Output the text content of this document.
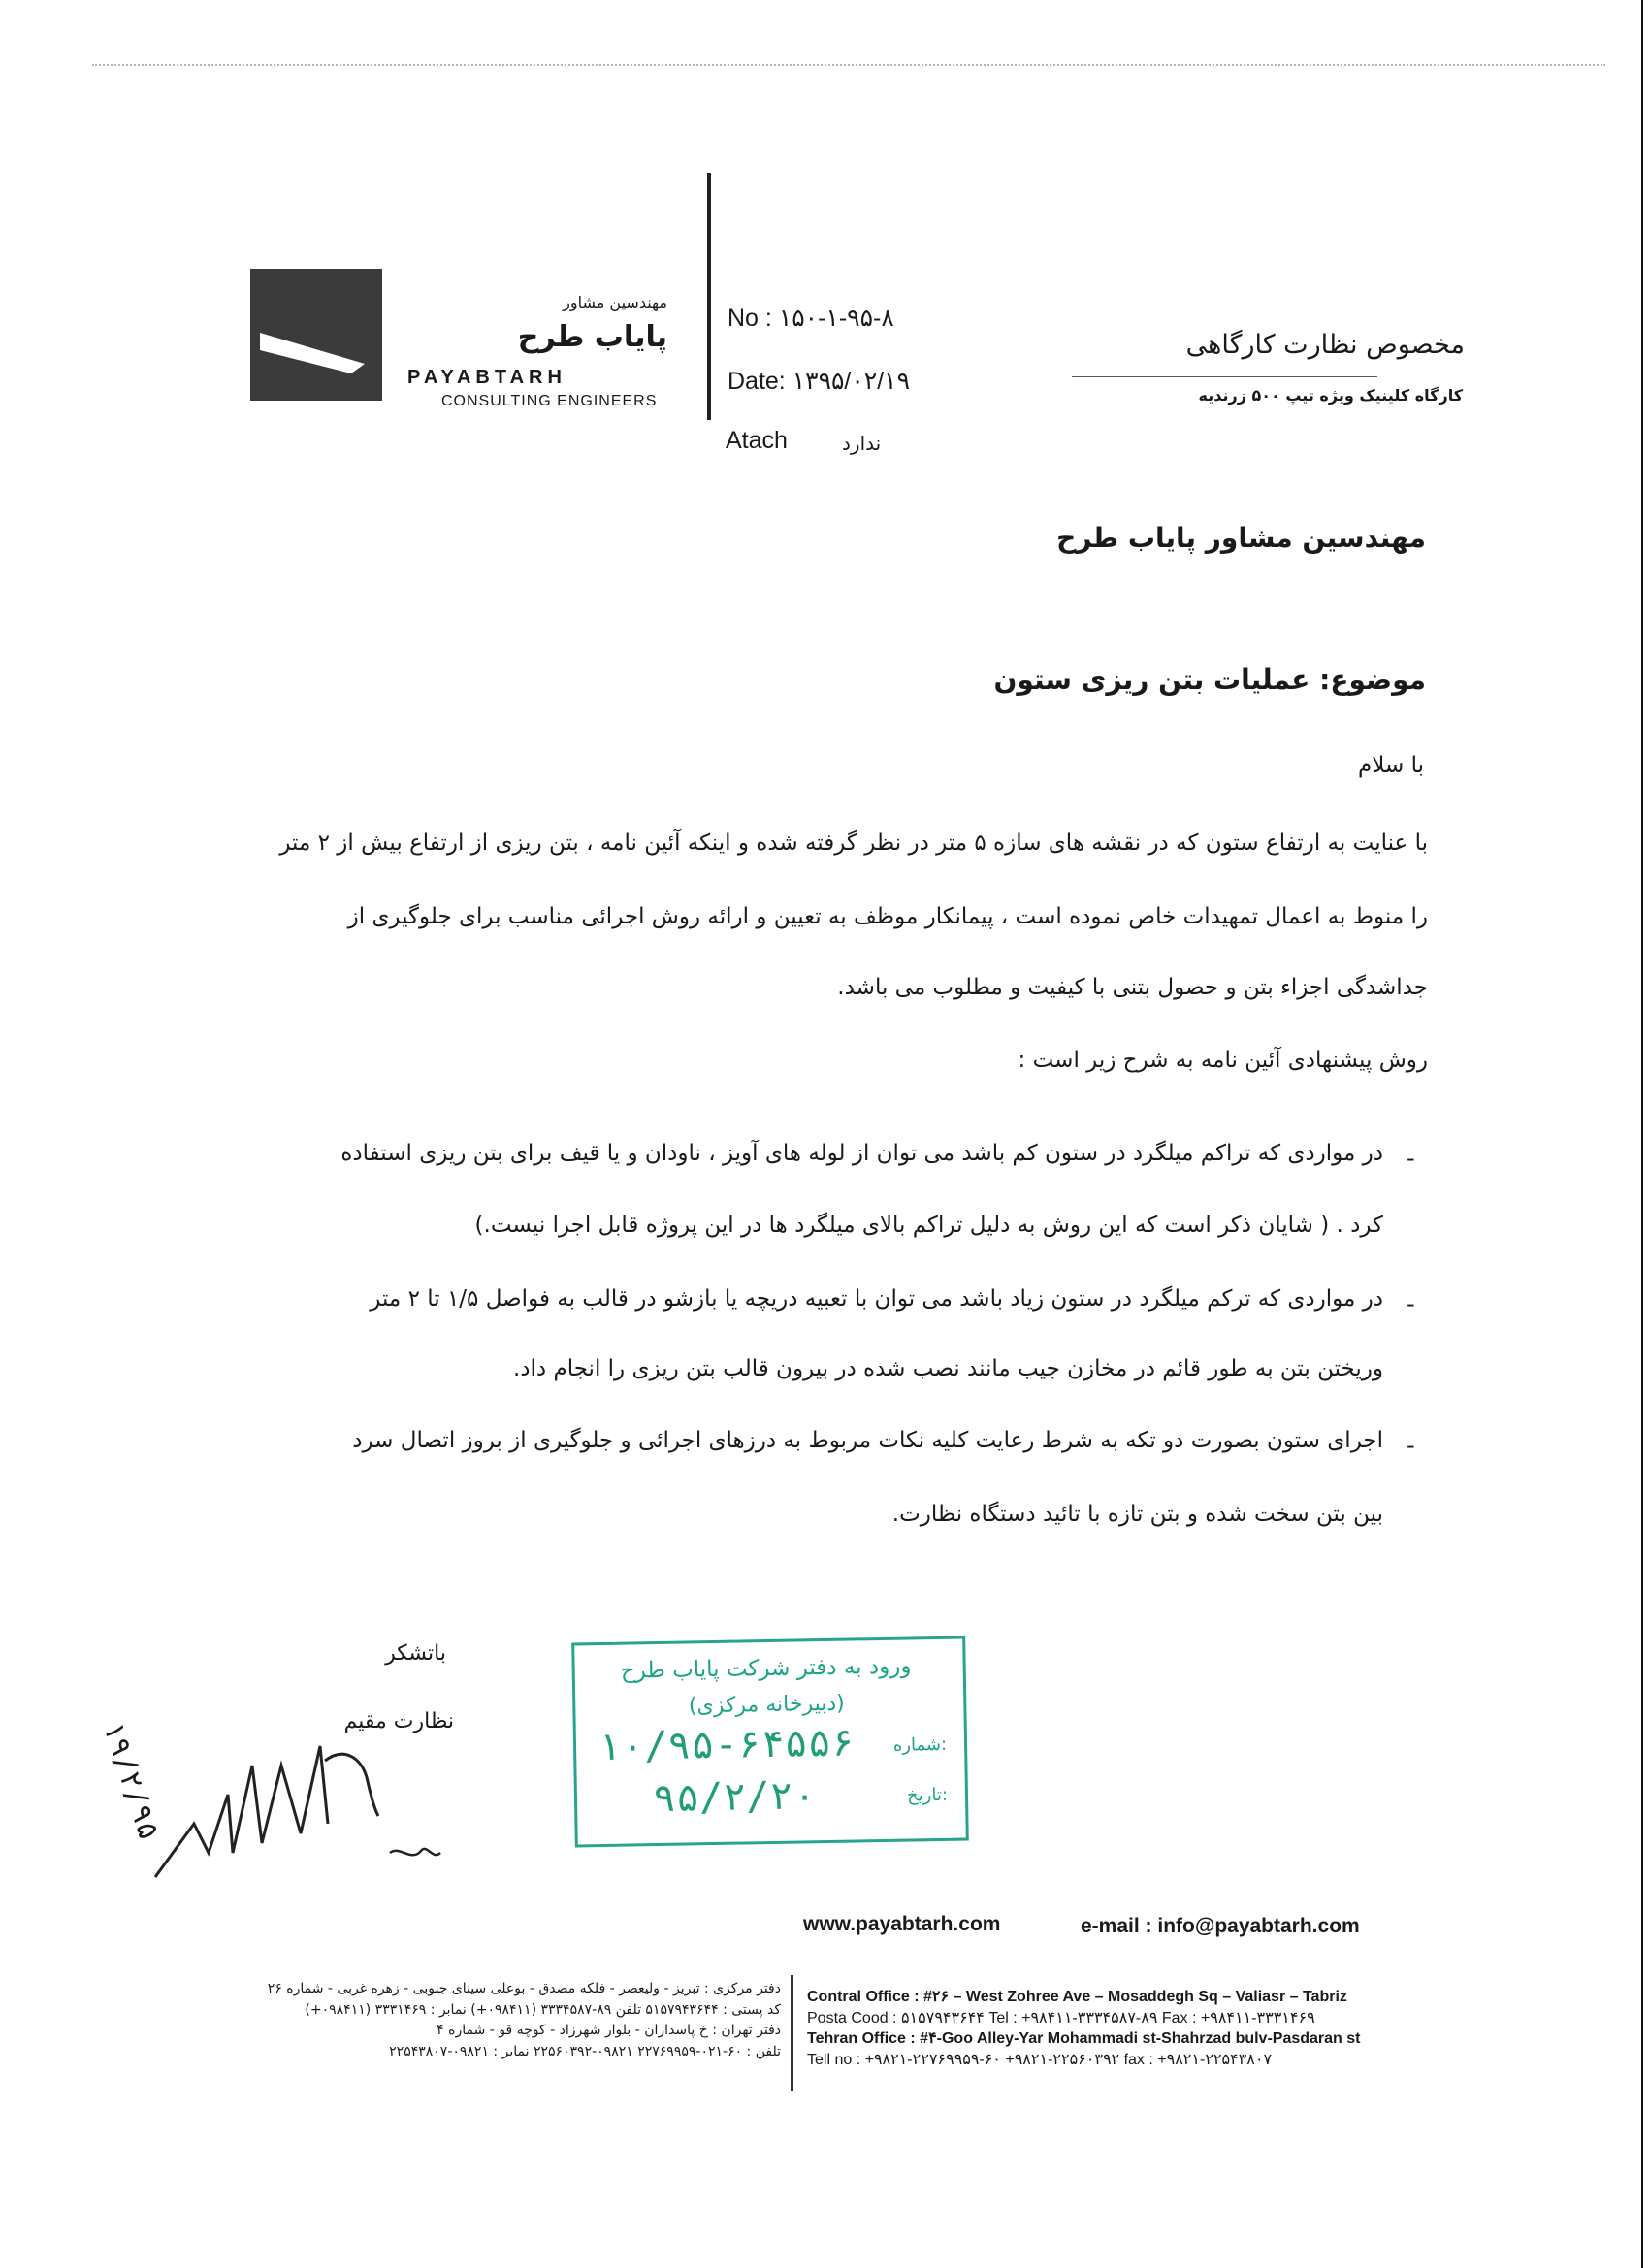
مهندسین مشاور
پایاب طرح
PAYABTARH
CONSULTING ENGINEERS
No : ۱۵۰-۱-۹۵-۸
Date: ۱۳۹۵/۰۲/۱۹
Atach	ندارد
مخصوص نظارت کارگاهی
کارگاه کلینیک ویژه تیپ ۵۰۰ زرندیه
مهندسین مشاور پایاب طرح
موضوع: عملیات بتن ریزی ستون
با سلام
با عنایت به ارتفاع ستون که در نقشه های سازه ۵ متر در نظر گرفته شده و اینکه آئین نامه ، بتن ریزی از ارتفاع بیش از ۲ متر
را منوط به اعمال تمهیدات خاص نموده است ، پیمانکار موظف به تعیین و ارائه روش اجرائی مناسب برای جلوگیری از
جداشدگی اجزاء بتن و حصول بتنی با کیفیت و مطلوب می باشد.
روش پیشنهادی آئین نامه به شرح زیر است :
-
در مواردی که تراکم میلگرد در ستون کم باشد می توان از لوله های آویز ، ناودان و یا قیف برای بتن ریزی استفاده
کرد . ( شایان ذکر است که این روش به دلیل تراکم بالای میلگرد ها در این پروژه قابل اجرا نیست.)
-
در مواردی که ترکم میلگرد در ستون زیاد باشد می توان با تعبیه دریچه یا بازشو در قالب به فواصل ۱/۵ تا ۲ متر
وریختن بتن به طور قائم در مخازن جیب مانند نصب شده در بیرون قالب بتن ریزی را انجام داد.
-
اجرای ستون بصورت دو تکه به شرط رعایت کلیه نکات مربوط به درزهای اجرائی و جلوگیری از بروز اتصال سرد
بین بتن سخت شده و بتن تازه با تائید دستگاه نظارت.
باتشکر
نظارت مقیم
۱۹/۲/۹۵
ورود به دفتر شرکت پایاب طرح
(دبیرخانه مرکزی)
شماره:
۱۰/۹۵-۶۴۵۵۶
تاریخ:
۹۵/۲/۲۰
www.payabtarh.com	e-mail : info@payabtarh.com
دفتر مرکزی : تبریز - ولیعصر - فلکه مصدق - بوعلی سینای جنوبی - زهره غربی - شماره ۲۶
کد پستی : ۵۱۵۷۹۴۳۶۴۴ تلفن ۸۹-۳۳۳۴۵۸۷ (۰۹۸۴۱۱+) نمابر : ۳۳۳۱۴۶۹ (۰۹۸۴۱۱+)
دفتر تهران : خ پاسداران - بلوار شهرزاد - کوچه قو - شماره ۴
تلفن : ۶۰-۰۲۱-۲۲۷۶۹۹۵۹ ۰۹۸۲۱-۲۲۵۶۰۳۹۲ نمابر : ۰۹۸۲۱-۲۲۵۴۳۸۰۷
Contral Office : #۲۶ – West Zohree Ave – Mosaddegh Sq – Valiasr – Tabriz
Posta Cood : ۵۱۵۷۹۴۳۶۴۴ Tel : +۹۸۴۱۱-۳۳۳۴۵۸۷-۸۹ Fax : +۹۸۴۱۱-۳۳۳۱۴۶۹
Tehran Office : #۴-Goo Alley-Yar Mohammadi st-Shahrzad bulv-Pasdaran st
Tell no : +۹۸۲۱-۲۲۷۶۹۹۵۹-۶۰ +۹۸۲۱-۲۲۵۶۰۳۹۲ fax : +۹۸۲۱-۲۲۵۴۳۸۰۷
